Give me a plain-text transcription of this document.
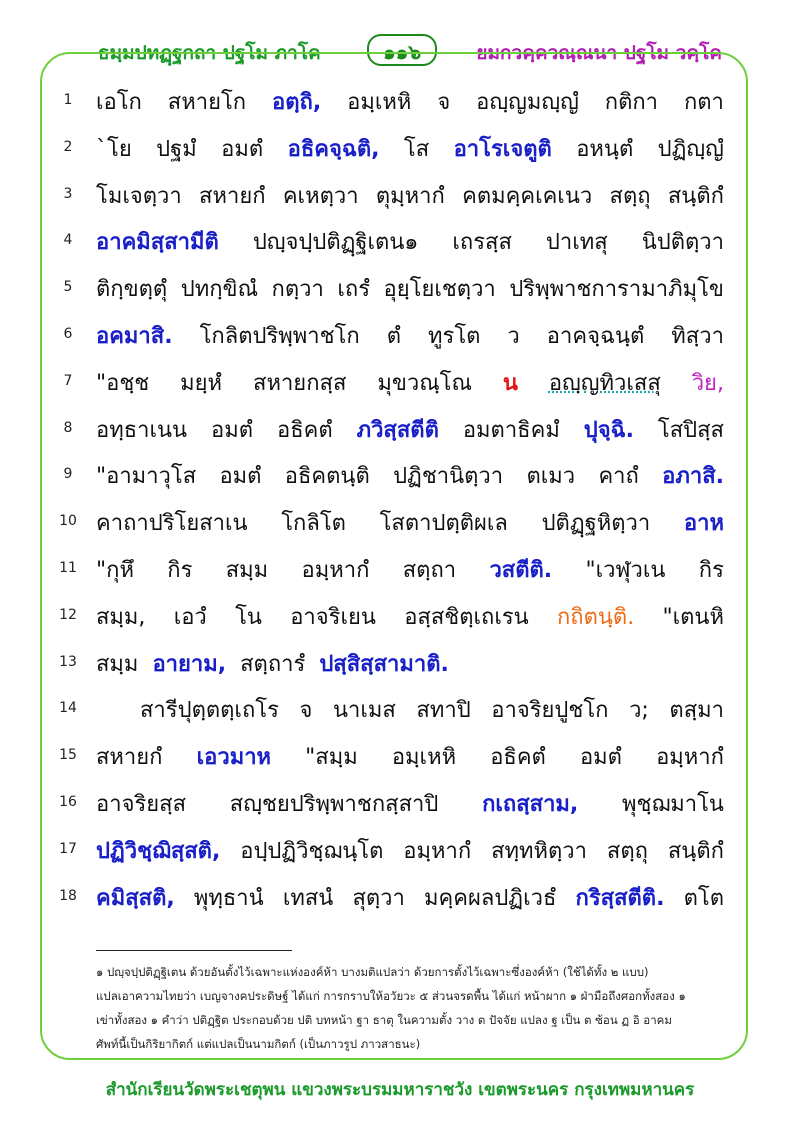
ธมฺมปทฏฺฐกถา ปฐโม ภาโค	๑๑๖	ยมกวคฺควณฺณนา ปฐโม วคฺโค
1	เอโก สหายโก อตฺถิ, อมฺเหหิ จ อญฺญมญฺญํ กติกา กตา
2	`โย ปฐมํ อมตํ อธิคจฺฉติ, โส อาโรเจตูติ อหนฺตํ ปฏิญฺญํ
3	โมเจตฺวา สหายกํ คเหตฺวา ตุมฺหากํ คตมคฺคเคเนว สตฺถุ สนฺติกํ
4	อาคมิสฺสามีติ ปญฺจปฺปติฏฺฐิเตน๑ เถรสฺส ปาเทสุ นิปติตฺวา
5	ติกฺขตฺตุํ ปทกฺขิณํ กตฺวา เถรํ อุยฺโยเชตฺวา ปริพฺพาชการามาภิมุโข
6	อคมาสิ. โกลิตปริพฺพาชโก ตํ ทูรโต ว อาคจฺฉนฺตํ ทิสฺวา
7	"อชฺช มยฺหํ สหายกสฺส มุขวณฺโณ น อญฺญทิวเสสุ วิย,
8	อทฺธาเนน อมตํ อธิคตํ ภวิสฺสตีติ อมตาธิคมํ ปุจฺฉิ. โสปิสฺส
9	"อามาวุโส อมตํ อธิคตนฺติ ปฏิชานิตฺวา ตเมว คาถํ อภาสิ.
10 คาถาปริโยสาเน โกลิโต โสตาปตฺติผเล ปติฏฺฐหิตฺวา อาห
11 "กุหึ กิร สมฺม อมฺหากํ สตฺถา วสตีติ. "เวฬุวเน กิร
12 สมฺม, เอวํ โน อาจริเยน อสฺสชิตฺเถเรน กถิตนฺติ. "เตนหิ
13 สมฺม อายาม, สตฺถารํ ปสฺสิสฺสามาติ.
14	สารีปุตฺตตฺเถโร จ นาเมส สทาปิ อาจริยปูชโก ว; ตสฺมา
15 สหายกํ เอวมาห "สมฺม อมฺเหหิ อธิคตํ อมตํ อมฺหากํ
16 อาจริยสฺส สญฺชยปริพฺพาชกสฺสาปิ กเถสฺสาม, พุชฺฌมาโน
17 ปฏิวิชฺฌิสฺสติ, อปฺปฏิวิชฺฌนฺโต อมฺหากํ สทฺทหิตฺวา สตฺถุ สนฺติกํ
18 คมิสฺสติ, พุทฺธานํ เทสนํ สุตฺวา มคฺคผลปฏิเวธํ กริสฺสตีติ. ตโต
๑ ปญฺจปฺปติฏฺฐิเตน ด้วยอันตั้งไว้เฉพาะแห่งองค์ห้า บางมติแปลว่า ด้วยการตั้งไว้เฉพาะซึ่งองค์ห้า (ใช้ได้ทั้ง ๒ แบบ)
แปลเอาความไทยว่า เบญจางคประดิษฐ์ ได้แก่ การกราบให้อวัยวะ ๕ ส่วนจรดพื้น ได้แก่ หน้าผาก ๑ ฝ่ามือถึงศอกทั้งสอง ๑
เข่าทั้งสอง ๑ คำว่า ปติฏฺฐิต ประกอบด้วย ปติ บทหน้า ฐา ธาตุ ในความตั้ง วาง ต ปัจจัย แปลง ฐ เป็น ต ซ้อน ฏ อิ อาคม
ศัพท์นี้เป็นกิริยากิตก์ แต่แปลเป็นนามกิตก์ (เป็นภาวรูป ภาวสาธนะ)
สำนักเรียนวัดพระเชตุพน แขวงพระบรมมหาราชวัง เขตพระนคร กรุงเทพมหานคร
